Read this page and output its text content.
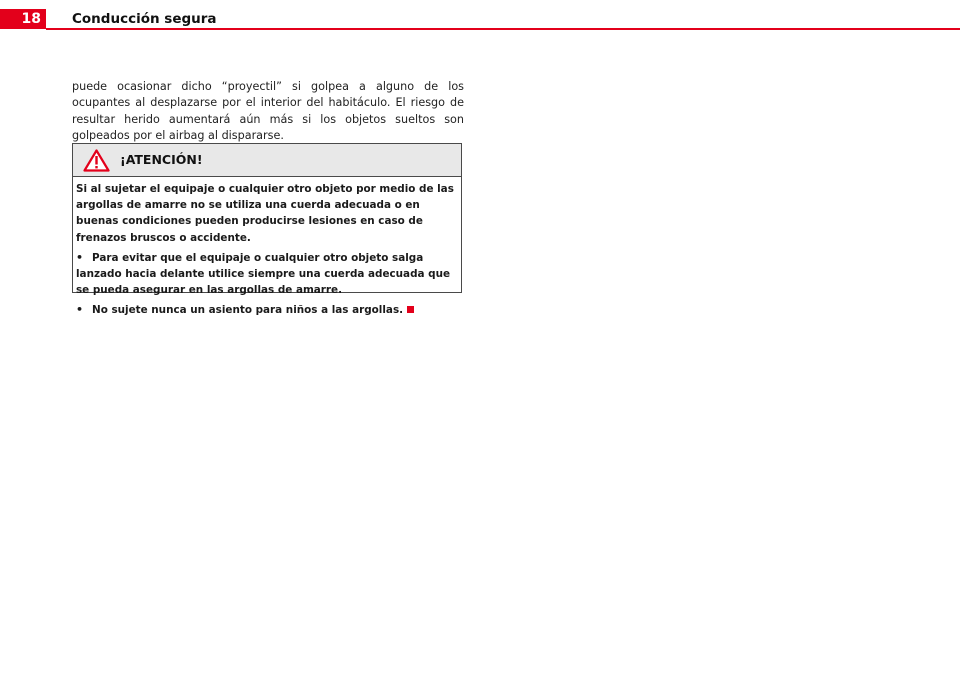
18	Conducción segura

puede ocasionar dicho “proyectil” si golpea a alguno de los ocupantes al desplazarse por el interior del habitáculo. El riesgo de resultar herido aumentará aún más si los objetos sueltos son golpeados por el airbag al dispararse.

¡ATENCIÓN!

Si al sujetar el equipaje o cualquier otro objeto por medio de las argollas de amarre no se utiliza una cuerda adecuada o en buenas condiciones pueden producirse lesiones en caso de frenazos bruscos o accidente.

• Para evitar que el equipaje o cualquier otro objeto salga lanzado hacia delante utilice siempre una cuerda adecuada que se pueda asegurar en las argollas de amarre.

• No sujete nunca un asiento para niños a las argollas.
